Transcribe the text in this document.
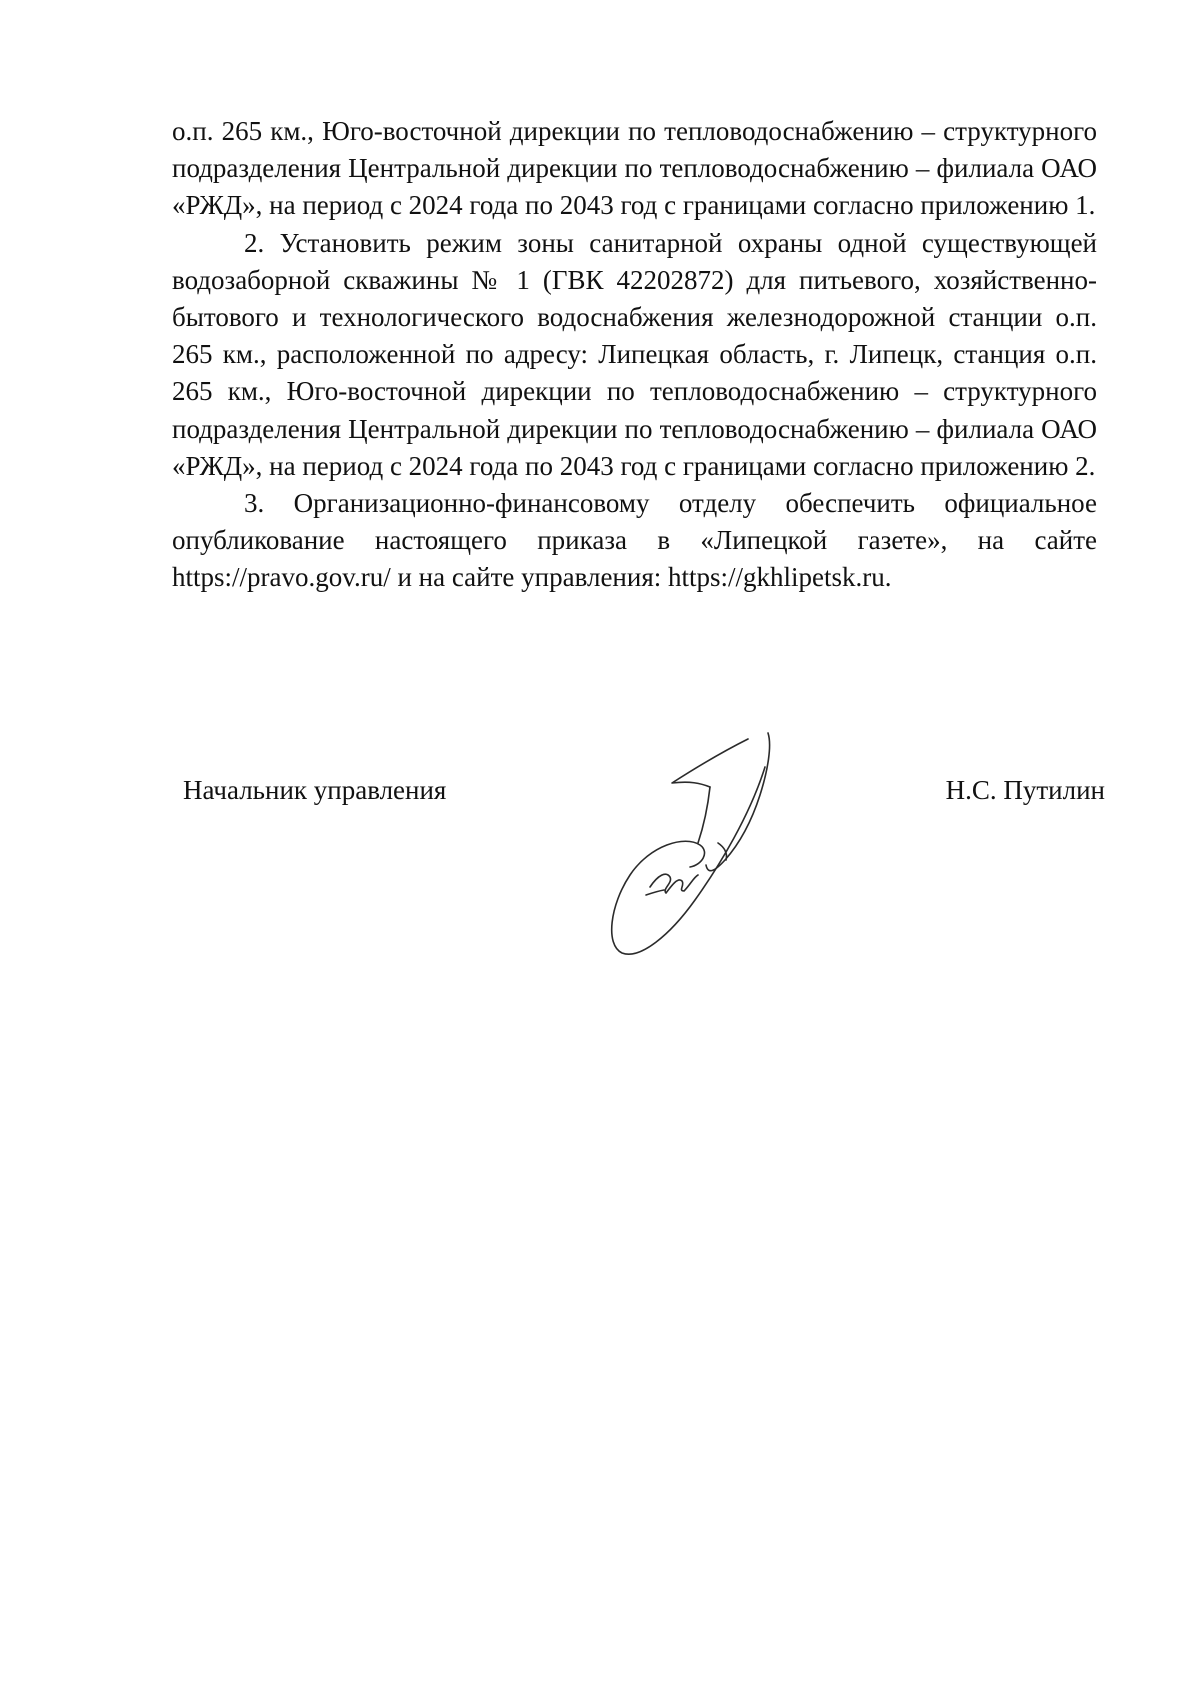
о.п. 265 км., Юго-восточной дирекции по тепловодоснабжению – структурного подразделения Центральной дирекции по тепловодоснабжению – филиала ОАО «РЖД», на период с 2024 года по 2043 год с границами согласно приложению 1.

2. Установить режим зоны санитарной охраны одной существующей водозаборной скважины № 1 (ГВК 42202872) для питьевого, хозяйственно-бытового и технологического водоснабжения железнодорожной станции о.п. 265 км., расположенной по адресу: Липецкая область, г. Липецк, станция о.п. 265 км., Юго-восточной дирекции по тепловодоснабжению – структурного подразделения Центральной дирекции по тепловодоснабжению – филиала ОАО «РЖД», на период с 2024 года по 2043 год с границами согласно приложению 2.

3. Организационно-финансовому отделу обеспечить официальное опубликование настоящего приказа в «Липецкой газете», на сайте https://pravo.gov.ru/ и на сайте управления: https://gkhlipetsk.ru.

Начальник управления	Н.С. Путилин
